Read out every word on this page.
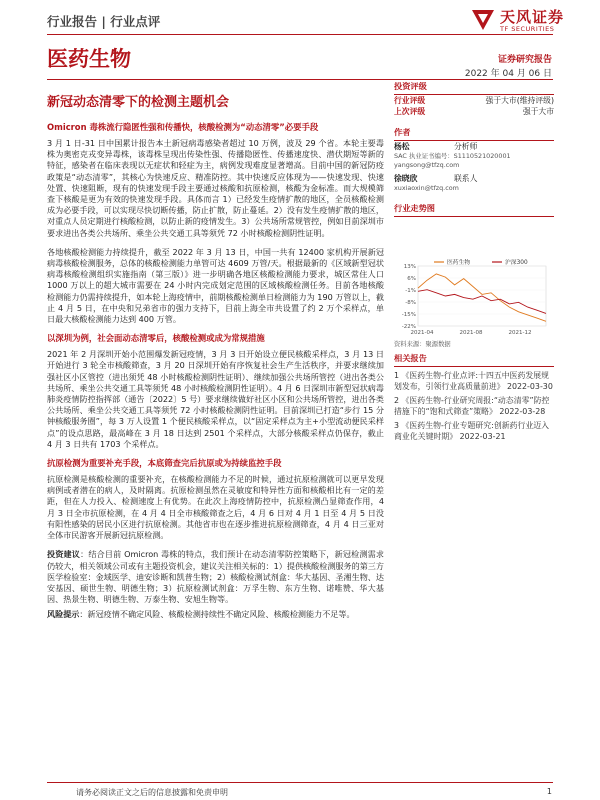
行业报告 | 行业点评	天风证券
TF SECURITIES
医药生物	证券研究报告
2022 年 04 月 06 日
新冠动态清零下的检测主题机会
Omicron 毒株流行隐匿性强和传播快，核酸检测为“动态清零”必要手段

3 月 1 日-31 日中国累计报告本土新冠病毒感染者超过 10 万例，波及 29 个省。本轮主要毒株为奥密克戎变异毒株，该毒株呈现出传染性强、传播隐匿性、传播速度快、潜伏期短等新的特征，感染者在临床表现以无症状和轻症为主，病例发现难度显著增高。目前中国的新冠防疫政策是“动态清零”，其核心为快速反应、精准防控。其中快速反应体现为——快速发现、快速处置、快速阻断，现有的快速发现手段主要通过核酸和抗原检测，核酸为金标准。而大规模筛查下核酸是更为有效的快速发现手段。具体而言 1）已经发生疫情扩散的地区，全员核酸检测成为必要手段，可以实现尽快切断传播，防止扩散，防止蔓延。2）没有发生疫情扩散的地区，对重点人员定期进行核酸检测，以防止新的疫情发生。3）公共场所常规管控，例如目前深圳市要求进出各类公共场所、乘坐公共交通工具等须凭 72 小时核酸检测阴性证明。

各地核酸检测能力持续提升，截至 2022 年 3 月 13 日，中国一共有 12400 家机构开展新冠病毒核酸检测服务，总体的核酸检测能力单管可达 4609 万管/天。根据最新的《区域新型冠状病毒核酸检测组织实施指南（第三版）》进一步明确各地区核酸检测能力要求，城区常住人口 1000 万以上的超大城市需要在 24 小时内完成划定范围的区域核酸检测任务。目前各地核酸检测能力仍需持续提升，如本轮上海疫情中，前期核酸检测单日检测能力为 190 万管以上，截止 4 月 5 日，在中央和兄弟省市的强力支持下，目前上海全市共设置了约 2 万个采样点，单日最大核酸检测能力达到 400 万管。

以深圳为例，社会面动态清零后，核酸检测或成为常规措施

2021 年 2 月深圳开始小范围爆发新冠疫情，3 月 3 日开始设立便民核酸采样点，3 月 13 日开始进行 3 轮全市核酸筛查，3 月 20 日深圳开始有序恢复社会生产生活秩序，并要求继续加强社区小区管控（进出须凭 48 小时核酸检测阴性证明）、继续加强公共场所管控（进出各类公共场所、乘坐公共交通工具等须凭 48 小时核酸检测阴性证明）。4 月 6 日深圳市新型冠状病毒肺炎疫情防控指挥部（通告〔2022〕5 号）要求继续做好社区小区和公共场所管控，进出各类公共场所、乘坐公共交通工具等须凭 72 小时核酸检测阴性证明。目前深圳已打造“步行 15 分钟核酸服务圈”，每 3 万人设置 1 个便民核酸采样点，以“固定采样点为主+小型流动便民采样点”的设点思路，最高峰在 3 月 18 日达到 2501 个采样点，大部分核酸采样点仍保存，截止 4 月 3 日共有 1703 个采样点。

抗原检测为重要补充手段，本底筛查完后抗原或为持续监控手段

抗原检测是核酸检测的重要补充，在核酸检测能力不足的时候，通过抗原检测就可以更早发现病例或者潜在的病人，及时隔离。抗原检测虽然在灵敏度和特异性方面和核酸相比有一定的差距，但在人力投入、检测速度上有优势。在此次上海疫情防控中，抗原检测凸显筛查作用，4 月 3 日全市抗原检测，在 4 月 4 日全市核酸筛查之后，4 月 6 日对 4 月 1 日至 4 月 5 日没有阳性感染的居民小区进行抗原检测。其他省市也在逐步推进抗原检测筛查，4 月 4 日三亚对全体市民游客开展新冠抗原检测。

投资建议：结合目前 Omicron 毒株的特点，我们预计在动态清零防控策略下，新冠检测需求仍较大，相关领域公司或有主题投资机会，建议关注相关标的：1）提供核酸检测服务的第三方医学检验室：金域医学、迪安诊断和凯普生物；2）核酸检测试剂盒：华大基因、圣湘生物、达安基因、硕世生物、明德生物；3）抗原检测试剂盒：万孚生物、东方生物、诺唯赞、华大基因、热景生物、明德生物、万泰生物、安旭生物等。

风险提示：新冠疫情不确定风险、核酸检测持续性不确定风险、核酸检测能力不足等。

投资评级
行业评级	强于大市(维持评级)
上次评级	强于大市
作者
杨松	分析师
SAC 执业证书编号：S1110521020001
yangsong@tfzq.com
徐晓欣	联系人
xuxiaoxin@tfzq.com
行业走势图
13%
6%
-1%
-8%
-15%
-22%
2021-04	2021-08	2021-12
医药生物	沪深300
资料来源：聚源数据
相关报告
1 《医药生物-行业点评:十四五中医药发展规划发布，引领行业高质量前进》 2022-03-30
2 《医药生物-行业研究周报:“动态清零”防控措施下的“饱和式筛查”策略》 2022-03-28
3 《医药生物-行业专题研究:创新药行业迈入商业化关键时期》 2022-03-21
请务必阅读正文之后的信息披露和免责申明	1
